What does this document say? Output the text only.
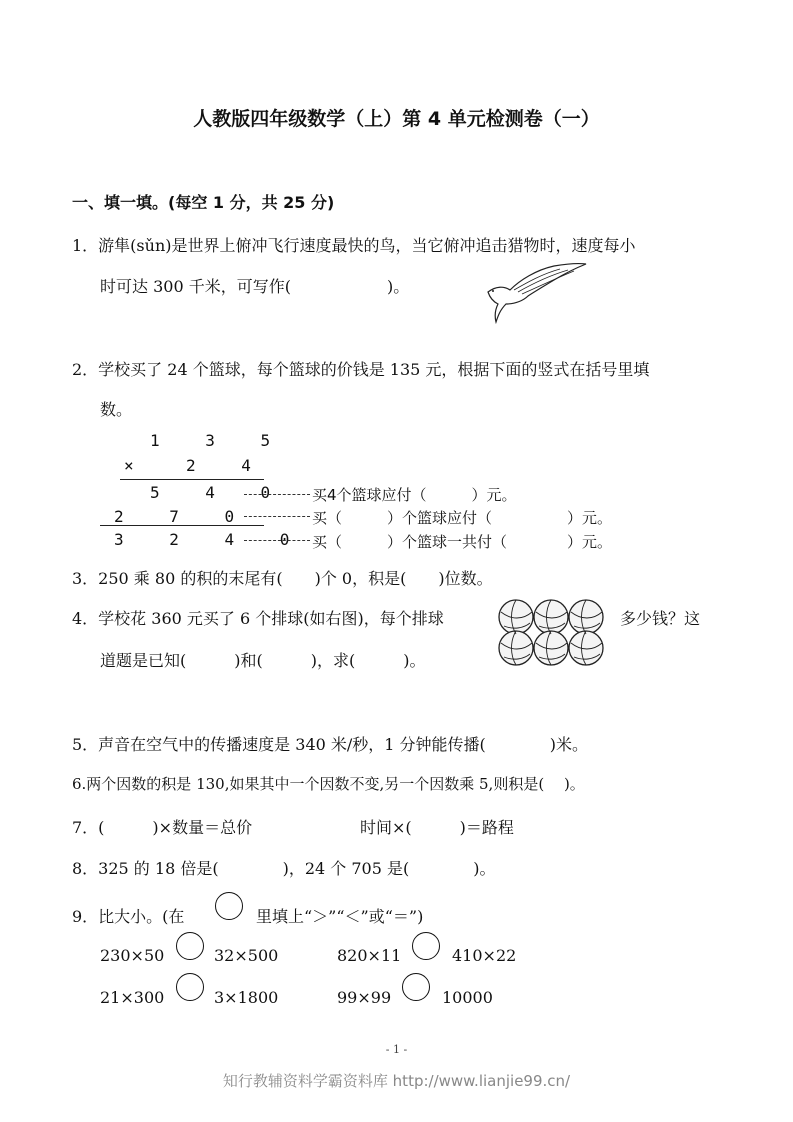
人教版四年级数学（上）第 4 单元检测卷（一）
一、填一填。(每空 1 分，共 25 分)
1．游隼(sǔn)是世界上俯冲飞行速度最快的鸟，当它俯冲追击猎物时，速度每小
时可达 300 千米，可写作(　　　　　　)。
2．学校买了 24 个篮球，每个篮球的价钱是 135 元，根据下面的竖式在括号里填
数。
1 3 5
×	2 4
5 4 0
2 7 0
3 2 4 0
买4个篮球应付（　　　）元。
买（　　　）个篮球应付（　　　　　）元。
买（　　　）个篮球一共付（　　　　）元。
3．250 乘 80 的积的末尾有(　　)个 0，积是(　　)位数。
4．学校花 360 元买了 6 个排球(如右图)，每个排球	多少钱？这
道题是已知(　　　)和(　　　)，求(　　　)。
5．声音在空气中的传播速度是 340 米/秒，1 分钟能传播(　　　　)米。
6.两个因数的积是 130,如果其中一个因数不变,另一个因数乘 5,则积是(　 )。
7．(　　　)×数量＝总价	时间×(　　　)＝路程
8．325 的 18 倍是(　　　　)，24 个 705 是(　　　　)。
9．比大小。(在	里填上“＞”“＜”或“＝”)
230×50	32×500	820×11	410×22
21×300	3×1800	99×99	10000
- 1 -
知行教辅资料学霸资料库 http://www.lianjie99.cn/
